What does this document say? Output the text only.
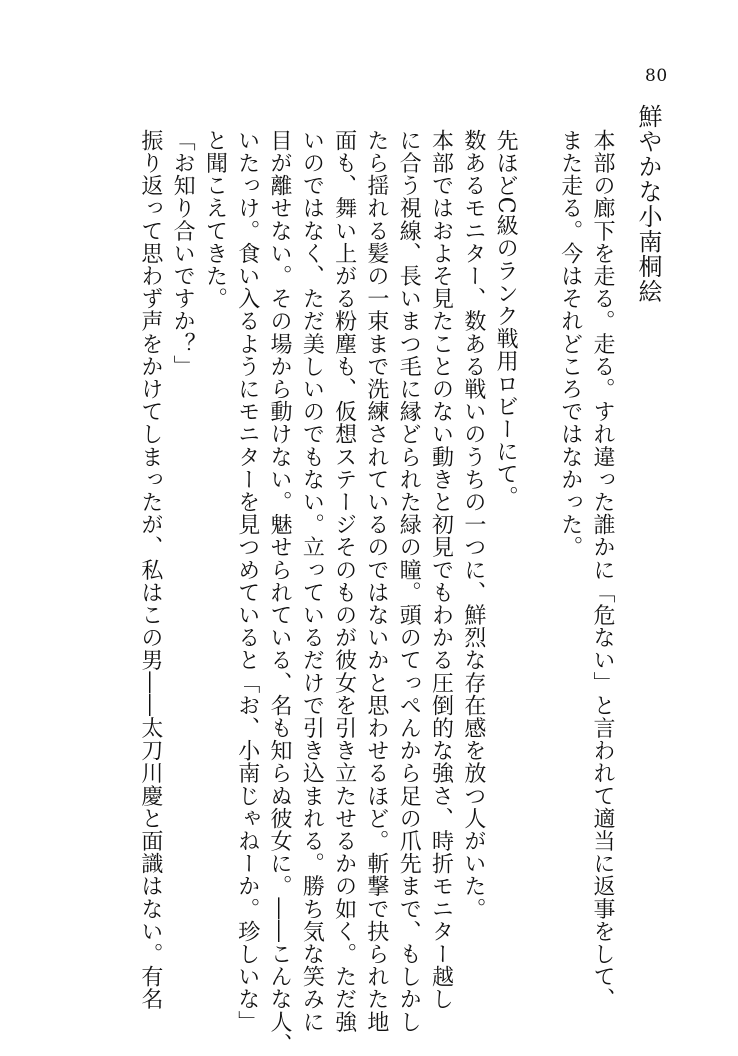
80
鮮やかな小南桐絵
本部の廊下を走る。走る。すれ違った誰かに「危ない」と言われて適当に返事をして、
また走る。今はそれどころではなかった。
先ほどC級のランク戦用ロビーにて。
数あるモニター、数ある戦いのうちの一つに、鮮烈な存在感を放つ人がいた。
本部ではおよそ見たことのない動きと初見でもわかる圧倒的な強さ、時折モニター越し
に合う視線、長いまつ毛に縁どられた緑の瞳。頭のてっぺんから足の爪先まで、もしかし
たら揺れる髪の一束まで洗練されているのではないかと思わせるほど。斬撃で抉られた地
面も、舞い上がる粉塵も、仮想ステージそのものが彼女を引き立たせるかの如く。ただ強
いのではなく、ただ美しいのでもない。立っているだけで引き込まれる。勝ち気な笑みに
目が離せない。その場から動けない。魅せられている、名も知らぬ彼女に。――こんな人、
いたっけ。食い入るようにモニターを見つめていると「お、小南じゃねーか。珍しいな」
と聞こえてきた。
「お知り合いですか？」
振り返って思わず声をかけてしまったが、私はこの男――太刀川慶と面識はない。有名
